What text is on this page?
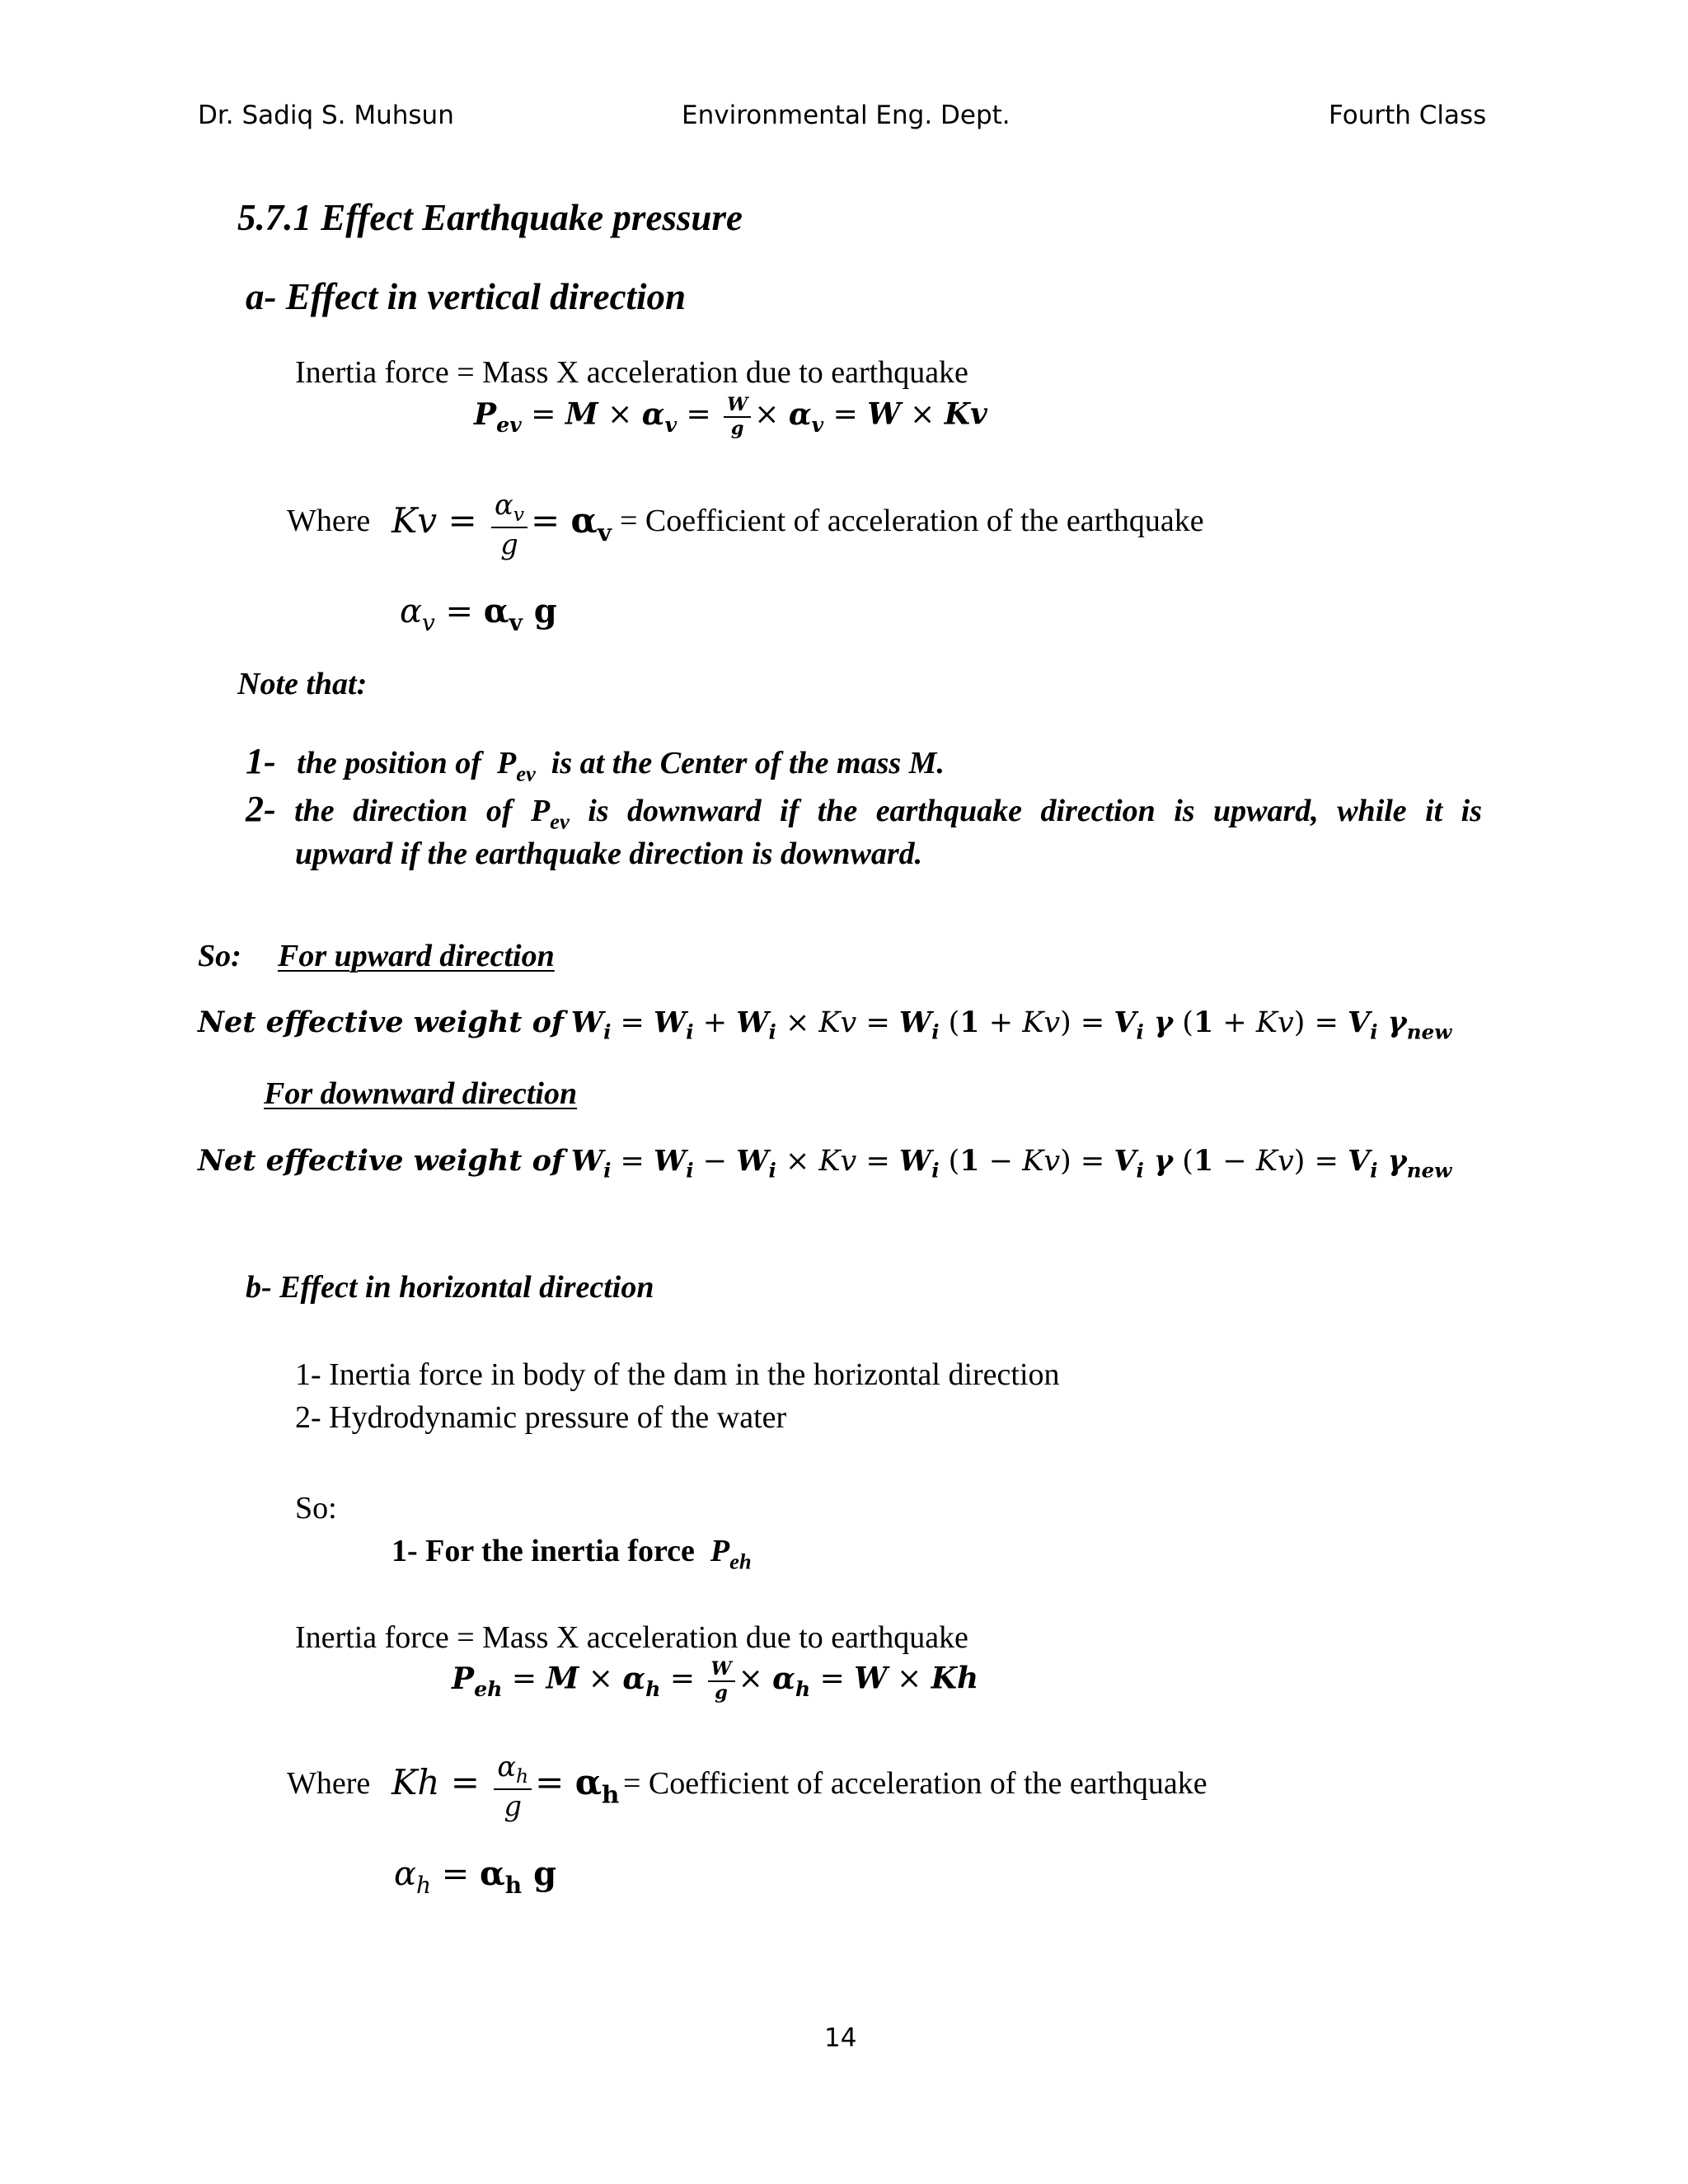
Dr. Sadiq S. Muhsun	Environmental Eng. Dept.	Fourth Class
5.7.1 Effect Earthquake pressure
a- Effect in vertical direction
Inertia force = Mass X acceleration due to earthquake
$P_{ev} = M \times \alpha_v = \frac{W}{g} \times \alpha_v = W \times Kv$
Where $Kv = \frac{\alpha_v}{g} = \alpha_v$ = Coefficient of acceleration of the earthquake
$\alpha_v = \alpha_v$ g
Note that:
1- the position of $P_{ev}$ is at the Center of the mass M.
2- the direction of $P_{ev}$ is downward if the earthquake direction is upward, while it is
upward if the earthquake direction is downward.
So: For upward direction
Net effective weight of $W_i = W_i + W_i \times Kv = W_i$ $(1 + Kv) = V_i$ γ $(1 + Kv) = V_i$ $\gamma_{new}$
For downward direction
Net effective weight of $W_i = W_i - W_i \times Kv = W_i$ $(1 - Kv) = V_i$ γ $(1 - Kv) = V_i$ $\gamma_{new}$
b- Effect in horizontal direction
1- Inertia force in body of the dam in the horizontal direction
2- Hydrodynamic pressure of the water
So:
1- For the inertia force $P_{eh}$
Inertia force = Mass X acceleration due to earthquake
$P_{eh} = M \times \alpha_h = \frac{W}{g} \times \alpha_h = W \times Kh$
Where $Kh = \frac{\alpha_h}{g} = \alpha_h$ = Coefficient of acceleration of the earthquake
$\alpha_h = \alpha_h$ g
14
